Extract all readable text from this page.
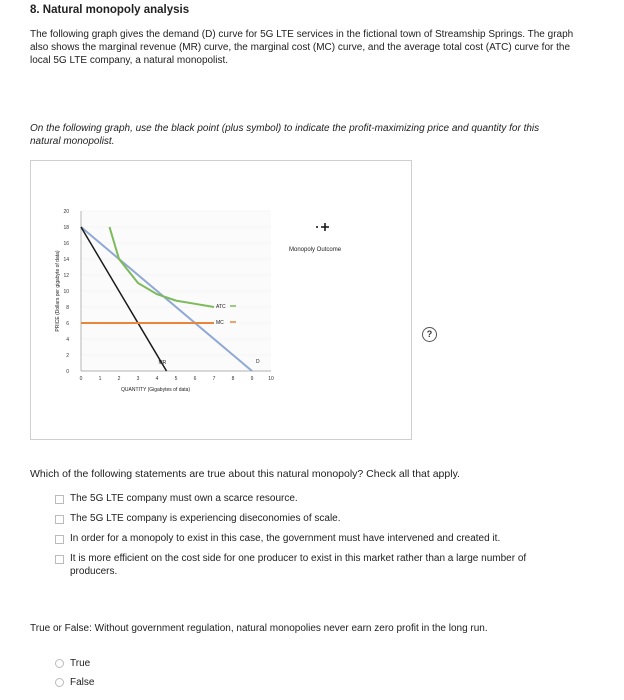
8. Natural monopoly analysis
The following graph gives the demand (D) curve for 5G LTE services in the fictional town of Streamship Springs. The graph also shows the marginal revenue (MR) curve, the marginal cost (MC) curve, and the average total cost (ATC) curve for the local 5G LTE company, a natural monopolist.
On the following graph, use the black point (plus symbol) to indicate the profit-maximizing price and quantity for this natural monopolist.
?
0
2
4
6
8
10
12
14
16
18
20
0	1	2	3	4	5	6	7	8	9	10
QUANTITY (Gigabytes of data)
PRICE (Dollars per gigabyte of data)
D
MR
ATC
MC
Monopoly Outcome
Which of the following statements are true about this natural monopoly? Check all that apply.
The 5G LTE company must own a scarce resource.
The 5G LTE company is experiencing diseconomies of scale.
In order for a monopoly to exist in this case, the government must have intervened and created it.
It is more efficient on the cost side for one producer to exist in this market rather than a large number of producers.
True or False: Without government regulation, natural monopolies never earn zero profit in the long run.
True
False
